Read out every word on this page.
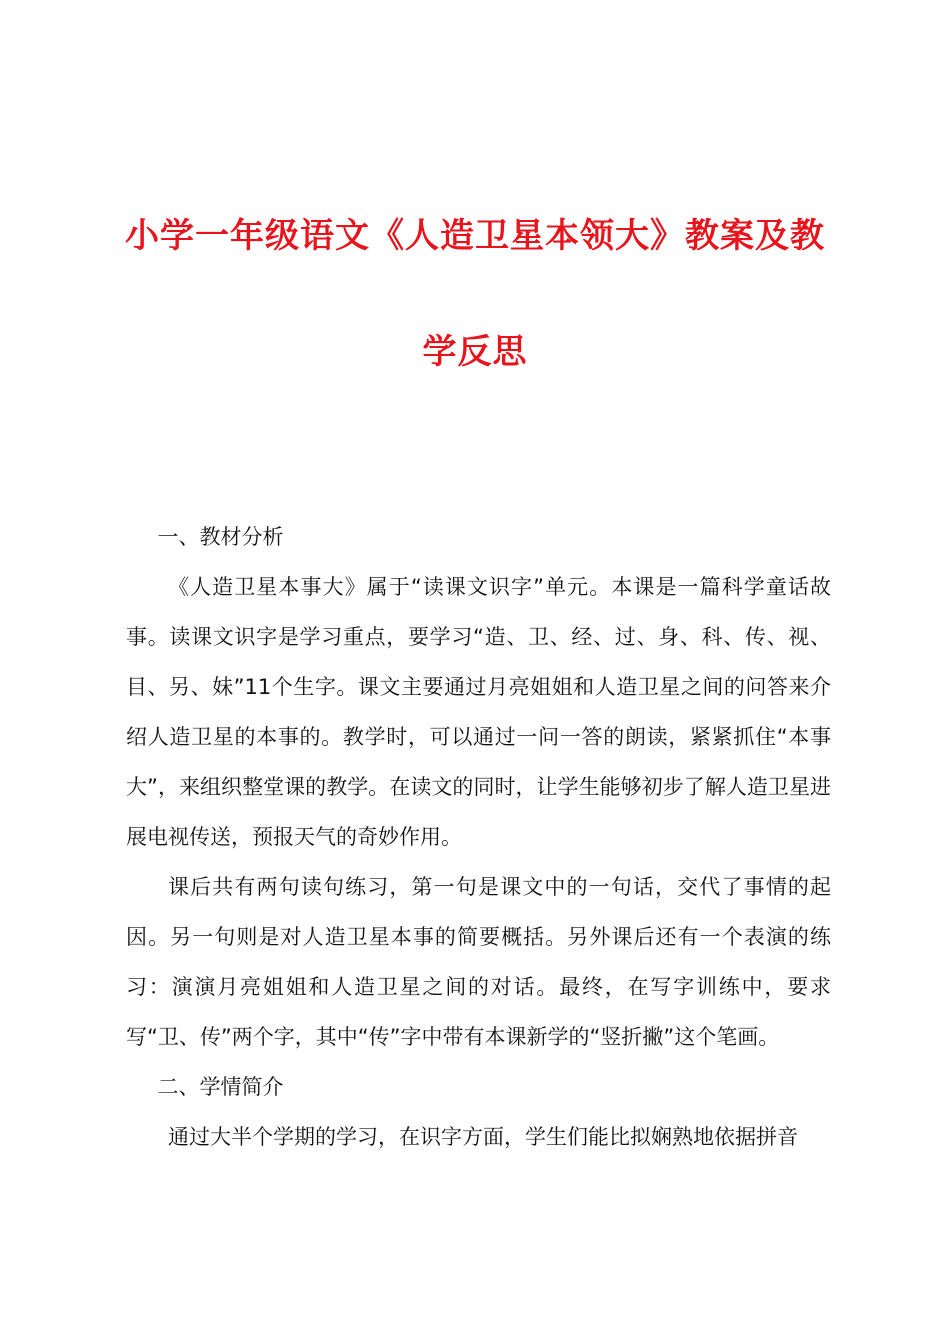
小学一年级语文《人造卫星本领大》教案及教
学反思

一、教材分析

《人造卫星本事大》属于“读课文识字”单元。本课是一篇科学童话故事。读课文识字是学习重点，要学习“造、卫、经、过、身、科、传、视、目、另、妹”11个生字。课文主要通过月亮姐姐和人造卫星之间的问答来介绍人造卫星的本事的。教学时，可以通过一问一答的朗读，紧紧抓住“本事大”，来组织整堂课的教学。在读文的同时，让学生能够初步了解人造卫星进展电视传送，预报天气的奇妙作用。

课后共有两句读句练习，第一句是课文中的一句话，交代了事情的起因。另一句则是对人造卫星本事的简要概括。另外课后还有一个表演的练习：演演月亮姐姐和人造卫星之间的对话。最终，在写字训练中，要求写“卫、传”两个字，其中“传”字中带有本课新学的“竖折撇”这个笔画。

二、学情简介

通过大半个学期的学习，在识字方面，学生们能比拟娴熟地依据拼音
